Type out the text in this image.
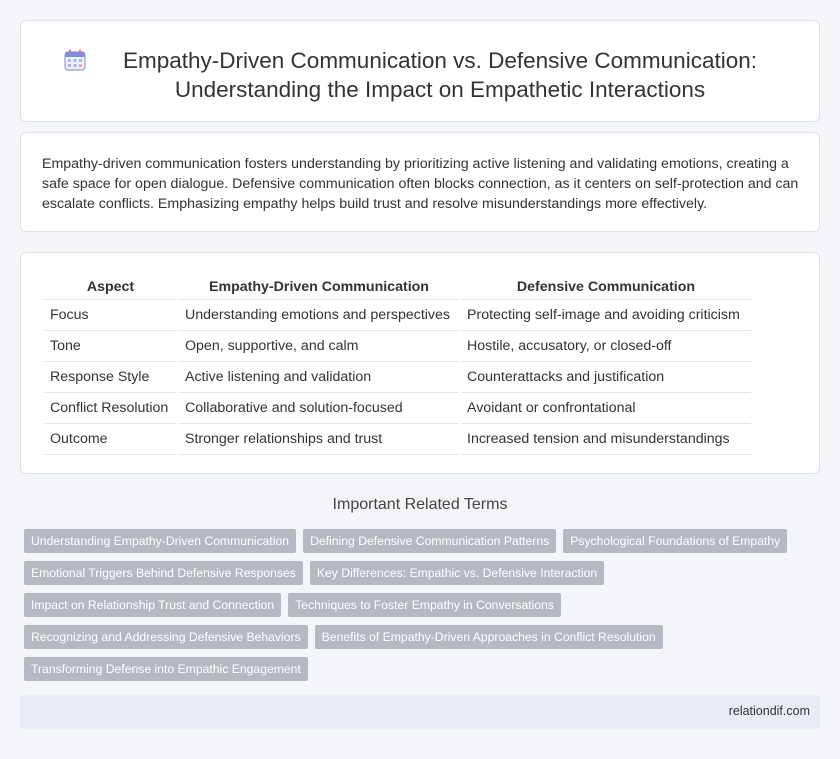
Empathy-Driven Communication vs. Defensive Communication: Understanding the Impact on Empathetic Interactions

Empathy-driven communication fosters understanding by prioritizing active listening and validating emotions, creating a safe space for open dialogue. Defensive communication often blocks connection, as it centers on self-protection and can escalate conflicts. Emphasizing empathy helps build trust and resolve misunderstandings more effectively.

Aspect	Empathy-Driven Communication	Defensive Communication
Focus	Understanding emotions and perspectives	Protecting self-image and avoiding criticism
Tone	Open, supportive, and calm	Hostile, accusatory, or closed-off
Response Style	Active listening and validation	Counterattacks and justification
Conflict Resolution	Collaborative and solution-focused	Avoidant or confrontational
Outcome	Stronger relationships and trust	Increased tension and misunderstandings
Important Related Terms
Understanding Empathy-Driven Communication	Defining Defensive Communication Patterns	Psychological Foundations of Empathy
Emotional Triggers Behind Defensive Responses	Key Differences: Empathic vs. Defensive Interaction
Impact on Relationship Trust and Connection	Techniques to Foster Empathy in Conversations
Recognizing and Addressing Defensive Behaviors	Benefits of Empathy-Driven Approaches in Conflict Resolution
Transforming Defense into Empathic Engagement
relationdif.com
